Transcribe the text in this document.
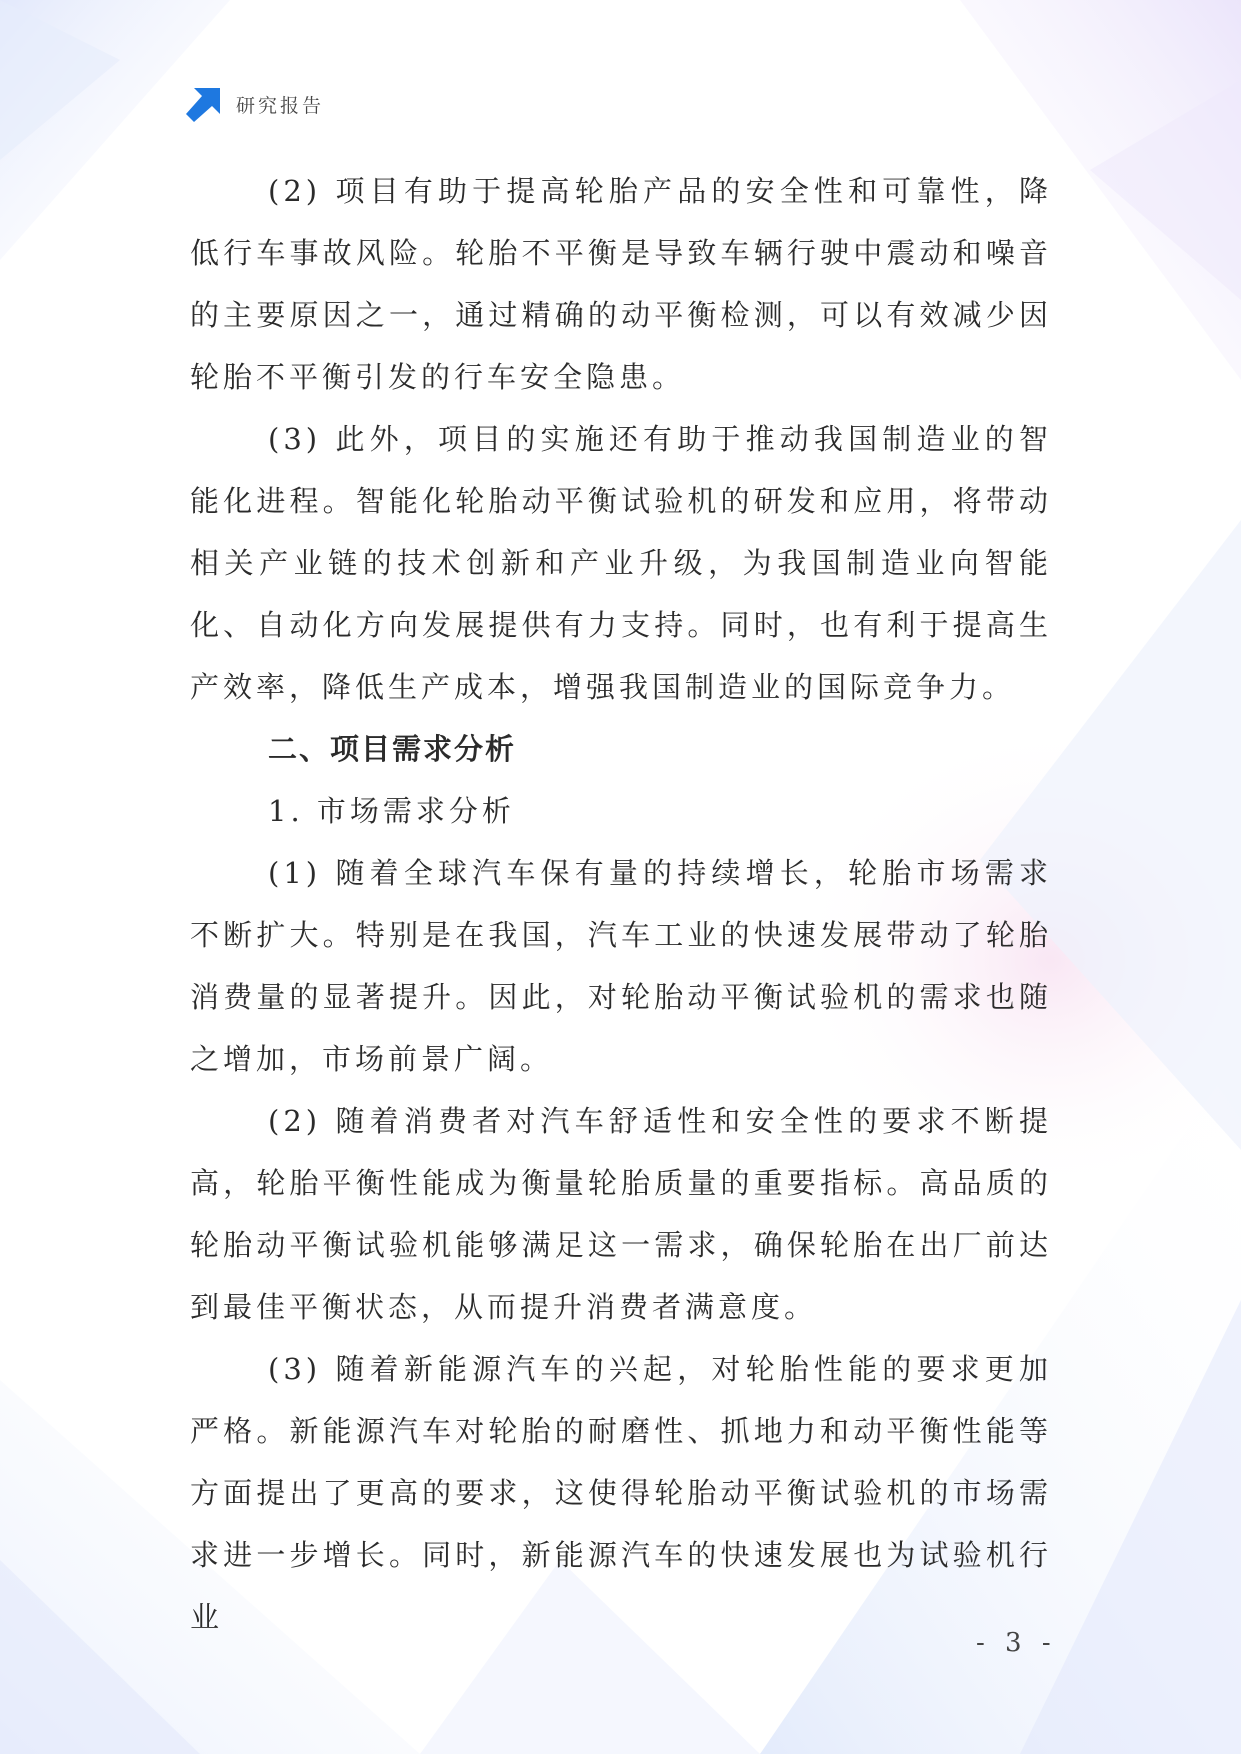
研究报告

(2) 项目有助于提高轮胎产品的安全性和可靠性，降低行车事故风险。轮胎不平衡是导致车辆行驶中震动和噪音的主要原因之一，通过精确的动平衡检测，可以有效减少因轮胎不平衡引发的行车安全隐患。

(3) 此外，项目的实施还有助于推动我国制造业的智能化进程。智能化轮胎动平衡试验机的研发和应用，将带动相关产业链的技术创新和产业升级，为我国制造业向智能化、自动化方向发展提供有力支持。同时，也有利于提高生产效率，降低生产成本，增强我国制造业的国际竞争力。

二、项目需求分析

1. 市场需求分析

(1) 随着全球汽车保有量的持续增长，轮胎市场需求不断扩大。特别是在我国，汽车工业的快速发展带动了轮胎消费量的显著提升。因此，对轮胎动平衡试验机的需求也随之增加，市场前景广阔。

(2) 随着消费者对汽车舒适性和安全性的要求不断提高，轮胎平衡性能成为衡量轮胎质量的重要指标。高品质的轮胎动平衡试验机能够满足这一需求，确保轮胎在出厂前达到最佳平衡状态，从而提升消费者满意度。

(3) 随着新能源汽车的兴起，对轮胎性能的要求更加严格。新能源汽车对轮胎的耐磨性、抓地力和动平衡性能等方面提出了更高的要求，这使得轮胎动平衡试验机的市场需求进一步增长。同时，新能源汽车的快速发展也为试验机行业

- 3 -
